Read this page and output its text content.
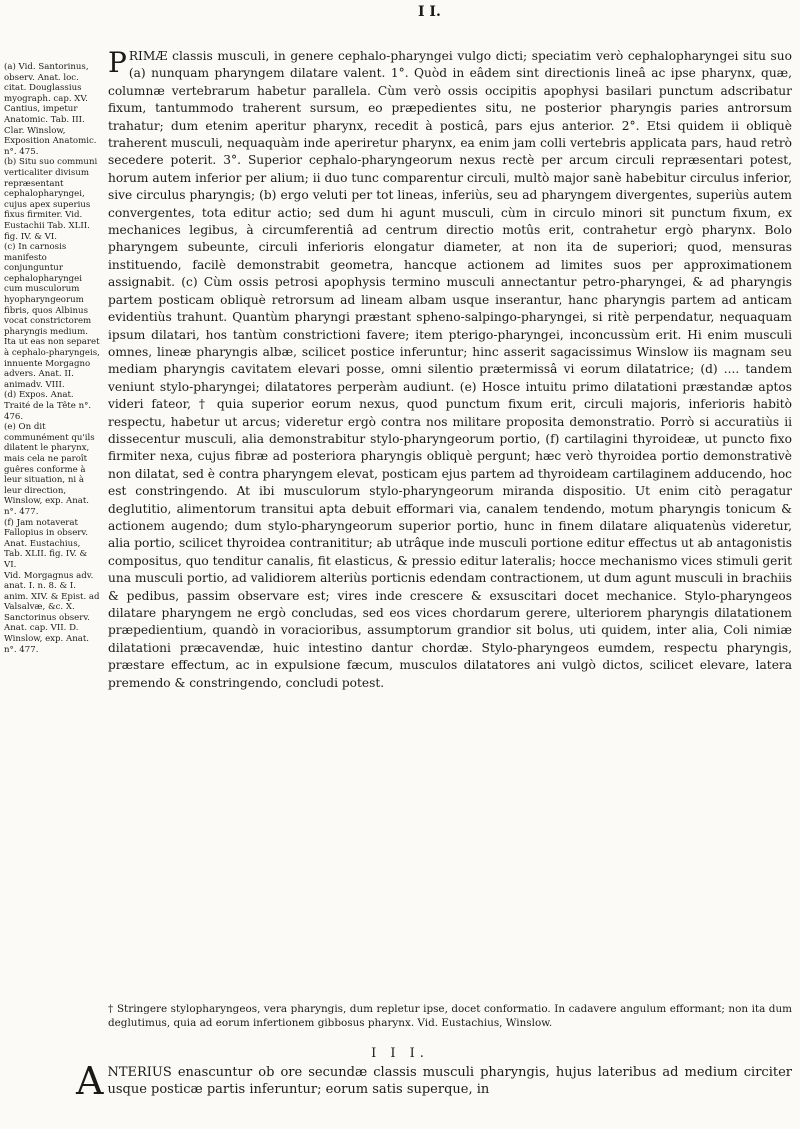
I I.

(a) Vid. Santorinus, observ. Anat. loc. citat. Douglassius myograph. cap. XV. Cantius, impetur Anatomic. Tab. III. Clar. Winslow, Exposition Anatomic. n°. 475.

(b) Situ suo communi verticaliter divisum repræsentant cephalopharyngei, cujus apex superius fixus firmiter. Vid. Eustachii Tab. XLII. fig. IV. & VI.

(c) In carnosis manifesto conjunguntur cephalopharyngei cum musculorum hyopharyngeorum fibris, quos Albinus vocat constrictorem pharyngis medium. Ita ut eas non separet à cephalo-pharyngeis, innuente Morgagno advers. Anat. II. animadv. VIII.

(d) Expos. Anat. Traité de la Tête n°. 476.

(e) On dit communément qu'ils dilatent le pharynx, mais cela ne paroît guêres conforme à leur situation, ni à leur direction, Winslow, exp. Anat. n°. 477.

(f) Jam notaverat Fallopius in observ. Anat. Eustachius, Tab. XLII. fig. IV. & VI.

Vid. Morgagnus adv. anat. I. n. 8. & I. anim. XIV. & Epist. ad Valsalvæ, &c. X. Sanctorinus observ. Anat. cap. VII. D. Winslow, exp. Anat. n°. 477.

P RIMÆ classis musculi, in genere cephalo-pharyngei vulgo dicti; speciatim verò cephalopharyngei situ suo (a) nunquam pharyngem dilatare valent. 1°. Quòd in eâdem sint directionis lineâ ac ipse pharynx, quæ, columnæ vertebrarum habetur parallela. Cùm verò ossis occipitis apophysi basilari punctum adscribatur fixum, tantummodo traherent sursum, eo præpedientes situ, ne posterior pharyngis paries antrorsum trahatur; dum etenim aperitur pharynx, recedit à posticâ, pars ejus anterior. 2°. Etsi quidem ii obliquè traherent musculi, nequaquàm inde aperiretur pharynx, ea enim jam colli vertebris applicata pars, haud retrò secedere poterit. 3°. Superior cephalo-pharyngeorum nexus rectè per arcum circuli repræsentari potest, horum autem inferior per alium; ii duo tunc comparentur circuli, multò major sanè habebitur circulus inferior, sive circulus pharyngis; (b) ergo veluti per tot lineas, inferiùs, seu ad pharyngem divergentes, superiùs autem convergentes, tota editur actio; sed dum hi agunt musculi, cùm in circulo minori sit punctum fixum, ex mechanices legibus, à circumferentiâ ad centrum directio motûs erit, contrahetur ergò pharynx. Bolo pharyngem subeunte, circuli inferioris elongatur diameter, at non ita de superiori; quod, mensuras instituendo, facilè demonstrabit geometra, hancque actionem ad limites suos per approximationem assignabit. (c) Cùm ossis petrosi apophysis termino musculi annectantur petro-pharyngei, & ad pharyngis partem posticam obliquè retrorsum ad lineam albam usque inserantur, hanc pharyngis partem ad anticam evidentiùs trahunt. Quantùm pharyngi præstant spheno-salpingo-pharyngei, si ritè perpendatur, nequaquam ipsum dilatari, hos tantùm constrictioni favere; item pterigo-pharyngei, inconcussùm erit. Hi enim musculi omnes, lineæ pharyngis albæ, scilicet postice inferuntur; hinc asserit sagacissimus Winslow iis magnam seu mediam pharyngis cavitatem elevari posse, omni silentio prætermissâ vi eorum dilatatrice; (d) .... tandem veniunt stylo-pharyngei; dilatatores perperàm audiunt. (e) Hosce intuitu primo dilatationi præstandæ aptos videri fateor, † quia superior eorum nexus, quod punctum fixum erit, circuli majoris, inferioris habitò respectu, habetur ut arcus; videretur ergò contra nos militare proposita demonstratio. Porrò si accuratiùs ii dissecentur musculi, alia demonstrabitur stylo-pharyngeorum portio, (f) cartilagini thyroideæ, ut puncto fixo firmiter nexa, cujus fibræ ad posteriora pharyngis obliquè pergunt; hæc verò thyroidea portio demonstrativè non dilatat, sed è contra pharyngem elevat, posticam ejus partem ad thyroideam cartilaginem adducendo, hoc est constringendo. At ibi musculorum stylo-pharyngeorum miranda dispositio. Ut enim citò peragatur deglutitio, alimentorum transitui apta debuit efformari via, canalem tendendo, motum pharyngis tonicum & actionem augendo; dum stylo-pharyngeorum superior portio, hunc in finem dilatare aliquatenùs videretur, alia portio, scilicet thyroidea contranititur; ab utrâque inde musculi portione editur effectus ut ab antagonistis compositus, quo tenditur canalis, fit elasticus, & pressio editur lateralis; hocce mechanismo vices stimuli gerit una musculi portio, ad validiorem alteriùs porticnis edendam contractionem, ut dum agunt musculi in brachiis & pedibus, passim observare est; vires inde crescere & exsuscitari docet mechanice. Stylo-pharyngeos dilatare pharyngem ne ergò concludas, sed eos vices chordarum gerere, ulteriorem pharyngis dilatationem præpedientium, quandò in voracioribus, assumptorum grandior sit bolus, uti quidem, inter alia, Coli nimiæ dilatationi præcavendæ, huic intestino dantur chordæ. Stylo-pharyngeos eumdem, respectu pharyngis, præstare effectum, ac in expulsione fæcum, musculos dilatatores ani vulgò dictos, scilicet elevare, latera premendo & constringendo, concludi potest.

† Stringere stylopharyngeos, vera pharyngis, dum repletur ipse, docet conformatio. In cadavere angulum efformant; non ita dum deglutimus, quia ad eorum infertionem gibbosus pharynx. Vid. Eustachius, Winslow.

I I I.
A NTERIUS enascuntur ob ore secundæ classis musculi pharyngis, hujus lateribus ad medium circiter usque posticæ partis inferuntur; eorum satis superque, in
